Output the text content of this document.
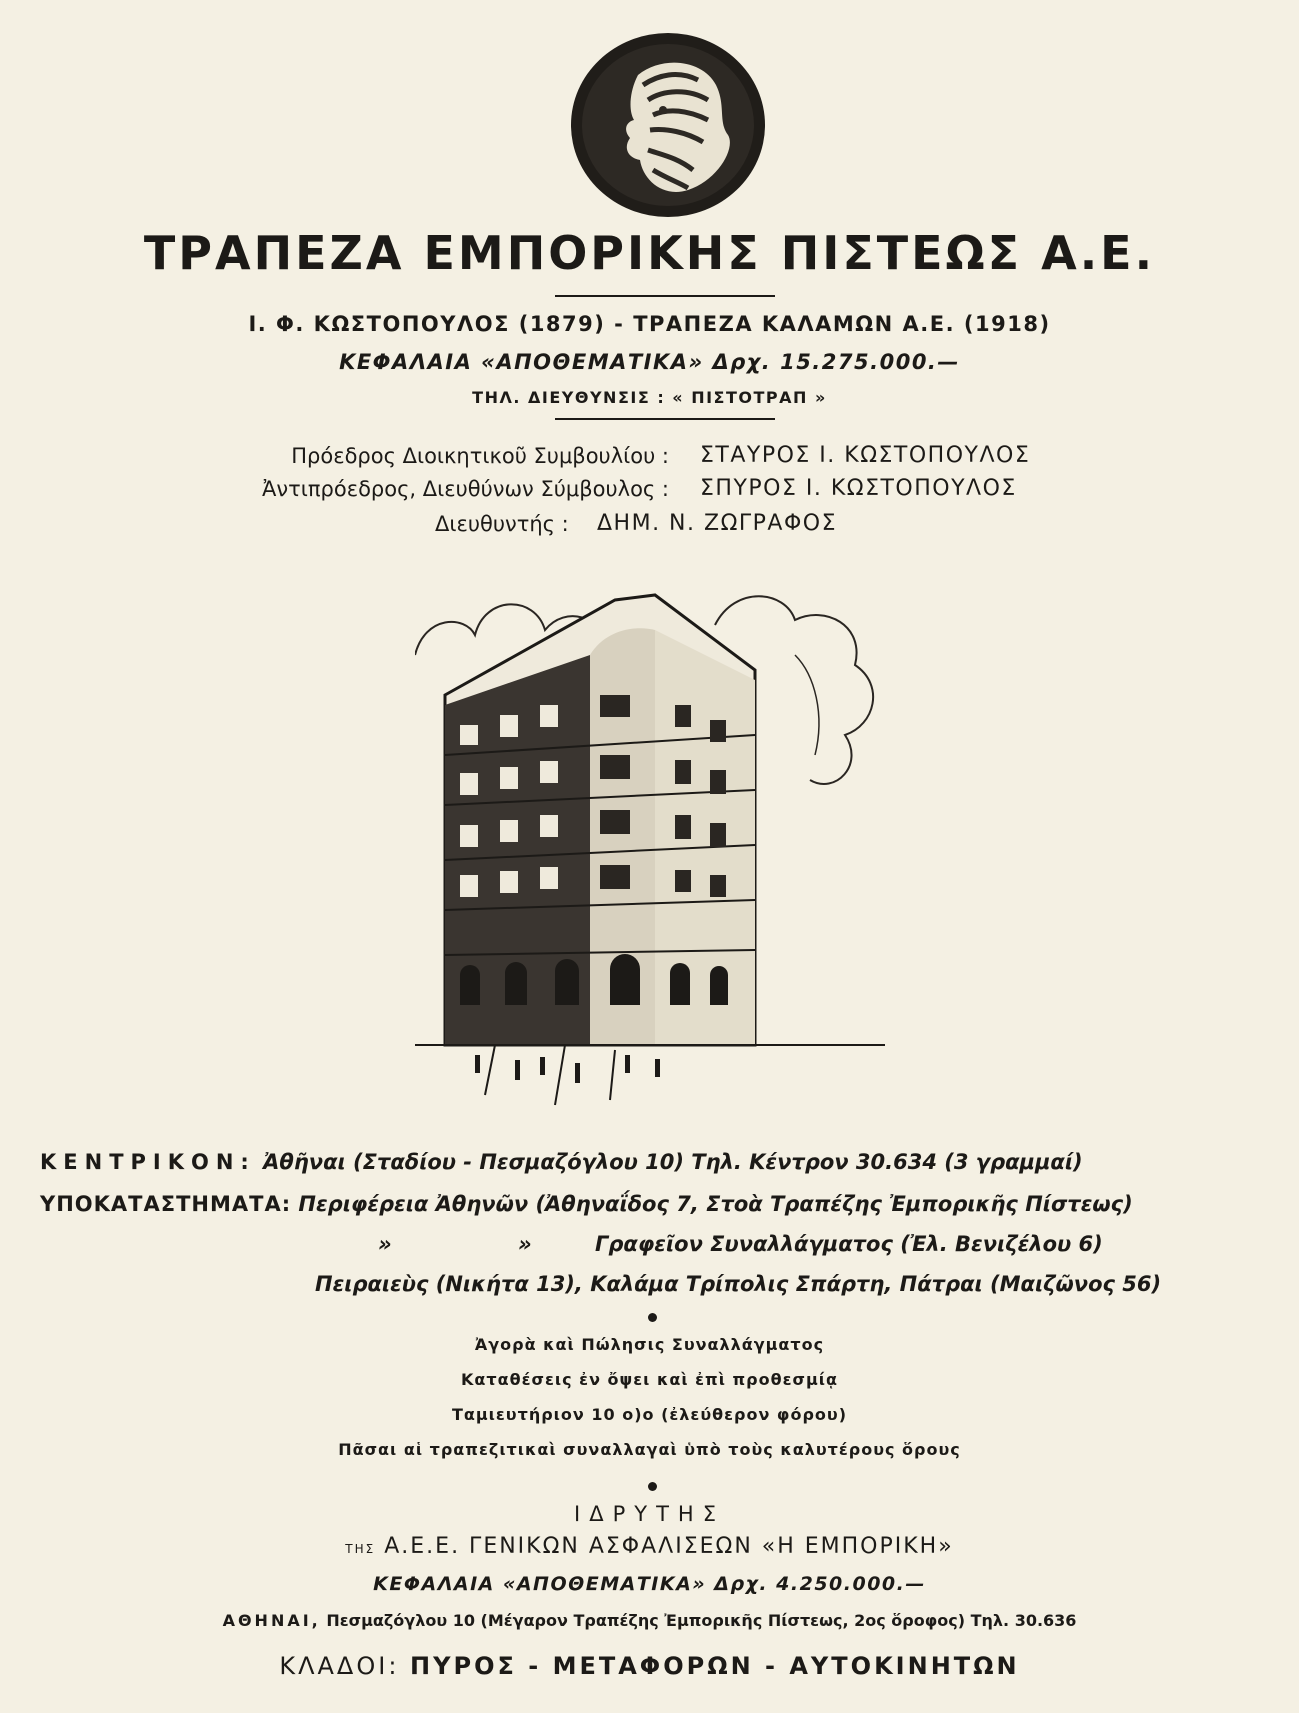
ΤΡΑΠΕΖΑ ΕΜΠΟΡΙΚΗΣ ΠΙΣΤΕΩΣ Α.Ε.
Ι. Φ. ΚΩΣΤΟΠΟΥΛΟΣ (1879) - ΤΡΑΠΕΖΑ ΚΑΛΑΜΩΝ Α.Ε. (1918)
ΚΕΦΑΛΑΙΑ «ΑΠΟΘΕΜΑΤΙΚΑ» Δρχ. 15.275.000.—
ΤΗΛ. ΔΙΕΥΘΥΝΣΙΣ : « ΠΙΣΤΟΤΡΑΠ »
Πρόεδρος Διοικητικοῦ Συμβουλίου : ΣΤΑΥΡΟΣ Ι. ΚΩΣΤΟΠΟΥΛΟΣ
Ἀντιπρόεδρος, Διευθύνων Σύμβουλος : ΣΠΥΡΟΣ Ι. ΚΩΣΤΟΠΟΥΛΟΣ
Διευθυντής : ΔΗΜ. Ν. ΖΩΓΡΑΦΟΣ
ΚΕΝΤΡΙΚΟΝ: Ἀθῆναι (Σταδίου - Πεσμαζόγλου 10) Τηλ. Κέντρον 30.634 (3 γραμμαί)
ΥΠΟΚΑΤΑΣΤΗΜΑΤΑ: Περιφέρεια Ἀθηνῶν (Ἀθηναΐδος 7, Στοὰ Τραπέζης Ἐμπορικῆς Πίστεως)
»	»	Γραφεῖον Συναλλάγματος (Ἐλ. Βενιζέλου 6)
Πειραιεὺς (Νικήτα 13), Καλάμα Τρίπολις Σπάρτη, Πάτραι (Μαιζῶνος 56)
Ἀγορὰ καὶ Πώλησις Συναλλάγματος
Καταθέσεις ἐν ὄψει καὶ ἐπὶ προθεσμίᾳ
Ταμιευτήριον 10 ο)ο (ἐλεύθερον φόρου)
Πᾶσαι αἱ τραπεζιτικαὶ συναλλαγαὶ ὑπὸ τοὺς καλυτέρους ὅρους
ΙΔΡΥΤΗΣ
ΤΗΣ Α.Ε.Ε. ΓΕΝΙΚΩΝ ΑΣΦΑΛΙΣΕΩΝ «Η ΕΜΠΟΡΙΚΗ»
ΚΕΦΑΛΑΙΑ «ΑΠΟΘΕΜΑΤΙΚΑ» Δρχ. 4.250.000.—
ΑΘΗΝΑΙ, Πεσμαζόγλου 10 (Μέγαρον Τραπέζης Ἐμπορικῆς Πίστεως, 2ος ὅροφος) Τηλ. 30.636
ΚΛΑΔΟΙ: ΠΥΡΟΣ - ΜΕΤΑΦΟΡΩΝ - ΑΥΤΟΚΙΝΗΤΩΝ
